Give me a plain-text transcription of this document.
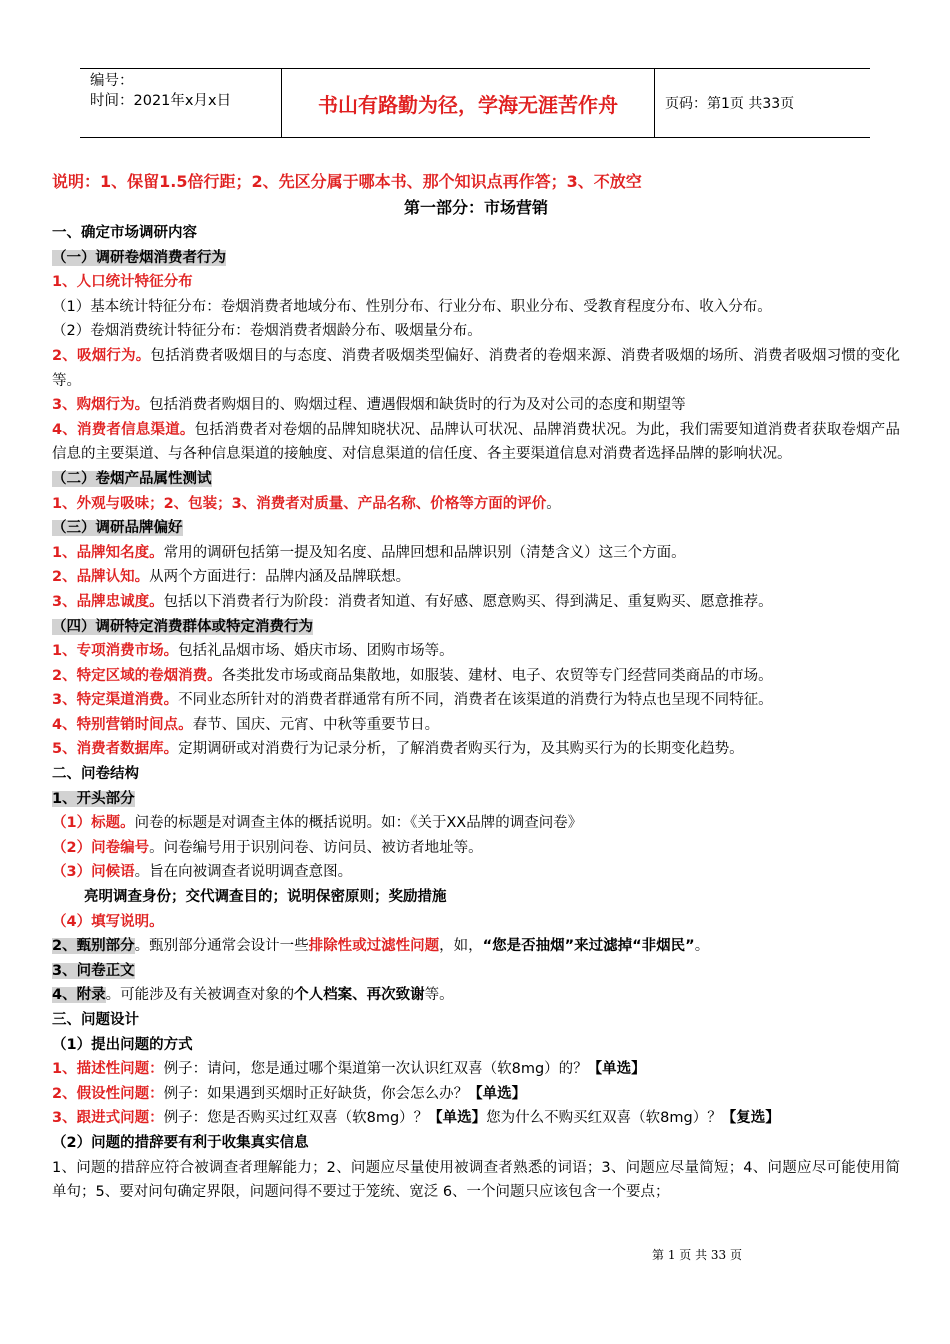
编号：
时间：2021年x月x日	书山有路勤为径，学海无涯苦作舟	页码：第1页 共33页
说明：1、保留1.5倍行距；2、先区分属于哪本书、那个知识点再作答；3、不放空
第一部分：市场营销
一、确定市场调研内容
（一）调研卷烟消费者行为
1、人口统计特征分布
（1）基本统计特征分布：卷烟消费者地域分布、性别分布、行业分布、职业分布、受教育程度分布、收入分布。
（2）卷烟消费统计特征分布：卷烟消费者烟龄分布、吸烟量分布。
2、吸烟行为。包括消费者吸烟目的与态度、消费者吸烟类型偏好、消费者的卷烟来源、消费者吸烟的场所、消费者吸烟习惯的变化等。
3、购烟行为。包括消费者购烟目的、购烟过程、遭遇假烟和缺货时的行为及对公司的态度和期望等
4、消费者信息渠道。包括消费者对卷烟的品牌知晓状况、品牌认可状况、品牌消费状况。为此，我们需要知道消费者获取卷烟产品信息的主要渠道、与各种信息渠道的接触度、对信息渠道的信任度、各主要渠道信息对消费者选择品牌的影响状况。
（二）卷烟产品属性测试
1、外观与吸味；2、包装；3、消费者对质量、产品名称、价格等方面的评价。
（三）调研品牌偏好
1、品牌知名度。常用的调研包括第一提及知名度、品牌回想和品牌识别（清楚含义）这三个方面。
2、品牌认知。从两个方面进行：品牌内涵及品牌联想。
3、品牌忠诚度。包括以下消费者行为阶段：消费者知道、有好感、愿意购买、得到满足、重复购买、愿意推荐。
（四）调研特定消费群体或特定消费行为
1、专项消费市场。包括礼品烟市场、婚庆市场、团购市场等。
2、特定区域的卷烟消费。各类批发市场或商品集散地，如服装、建材、电子、农贸等专门经营同类商品的市场。
3、特定渠道消费。不同业态所针对的消费者群通常有所不同，消费者在该渠道的消费行为特点也呈现不同特征。
4、特别营销时间点。春节、国庆、元宵、中秋等重要节日。
5、消费者数据库。定期调研或对消费行为记录分析，了解消费者购买行为，及其购买行为的长期变化趋势。
二、问卷结构
1、开头部分
（1）标题。问卷的标题是对调查主体的概括说明。如：《关于XX品牌的调查问卷》
（2）问卷编号。问卷编号用于识别问卷、访问员、被访者地址等。
（3）问候语。旨在向被调查者说明调查意图。
亮明调查身份；交代调查目的；说明保密原则；奖励措施
（4）填写说明。
2、甄别部分。甄别部分通常会设计一些排除性或过滤性问题，如，“您是否抽烟”来过滤掉“非烟民”。
3、问卷正文
4、附录。可能涉及有关被调查对象的个人档案、再次致谢等。
三、问题设计
（1）提出问题的方式
1、描述性问题：例子：请问，您是通过哪个渠道第一次认识红双喜（软8mg）的？【单选】
2、假设性问题：例子：如果遇到买烟时正好缺货，你会怎么办？【单选】
3、跟进式问题：例子：您是否购买过红双喜（软8mg）？【单选】您为什么不购买红双喜（软8mg）？【复选】
（2）问题的措辞要有利于收集真实信息
1、问题的措辞应符合被调查者理解能力；2、问题应尽量使用被调查者熟悉的词语；3、问题应尽量简短；4、问题应尽可能使用简单句；5、要对问句确定界限，问题问得不要过于笼统、宽泛 6、一个问题只应该包含一个要点；
第 1 页 共 33 页
